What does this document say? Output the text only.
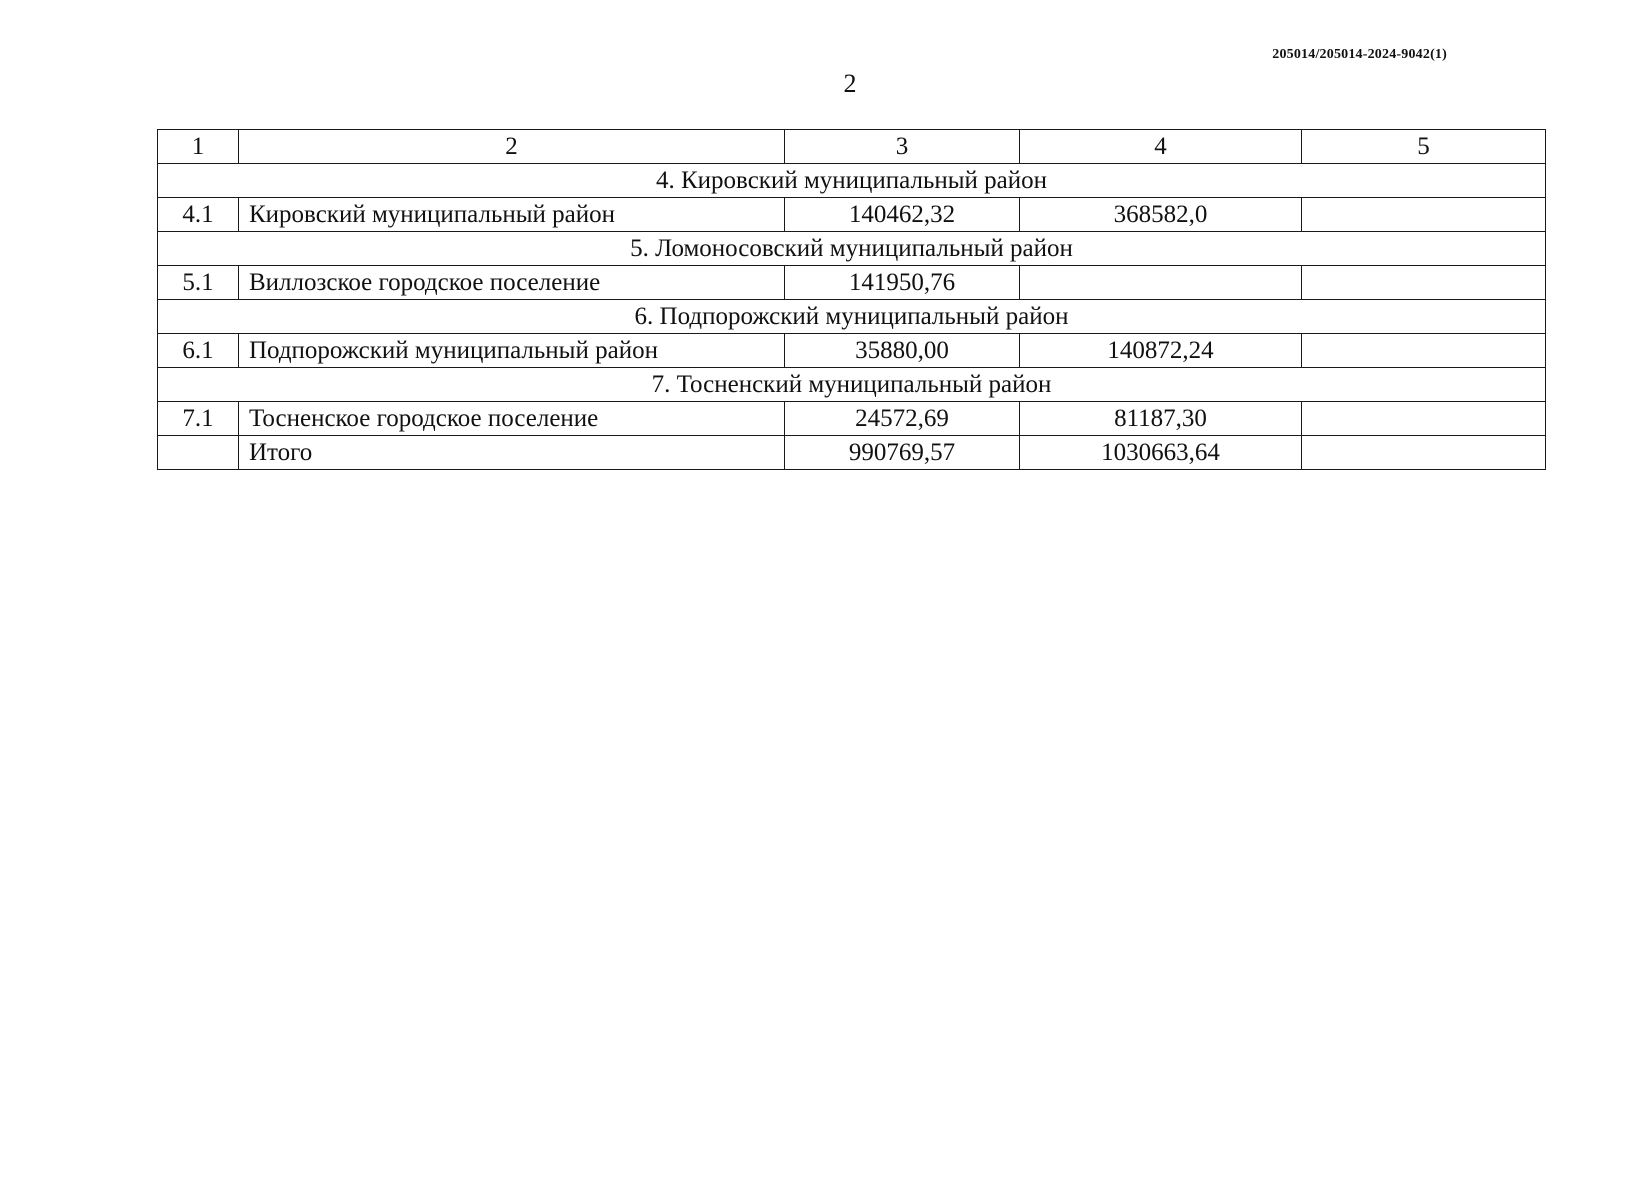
205014/205014-2024-9042(1)
2
1	2	3	4	5
4. Кировский муниципальный район				
4.1	Кировский муниципальный район	140462,32	368582,0	
5. Ломоносовский муниципальный район				
5.1	Виллозское городское поселение	141950,76		
6. Подпорожский муниципальный район				
6.1	Подпорожский муниципальный район	35880,00	140872,24	
7. Тосненский муниципальный район				
7.1	Тосненское городское поселение	24572,69	81187,30	
	Итого	990769,57	1030663,64	
